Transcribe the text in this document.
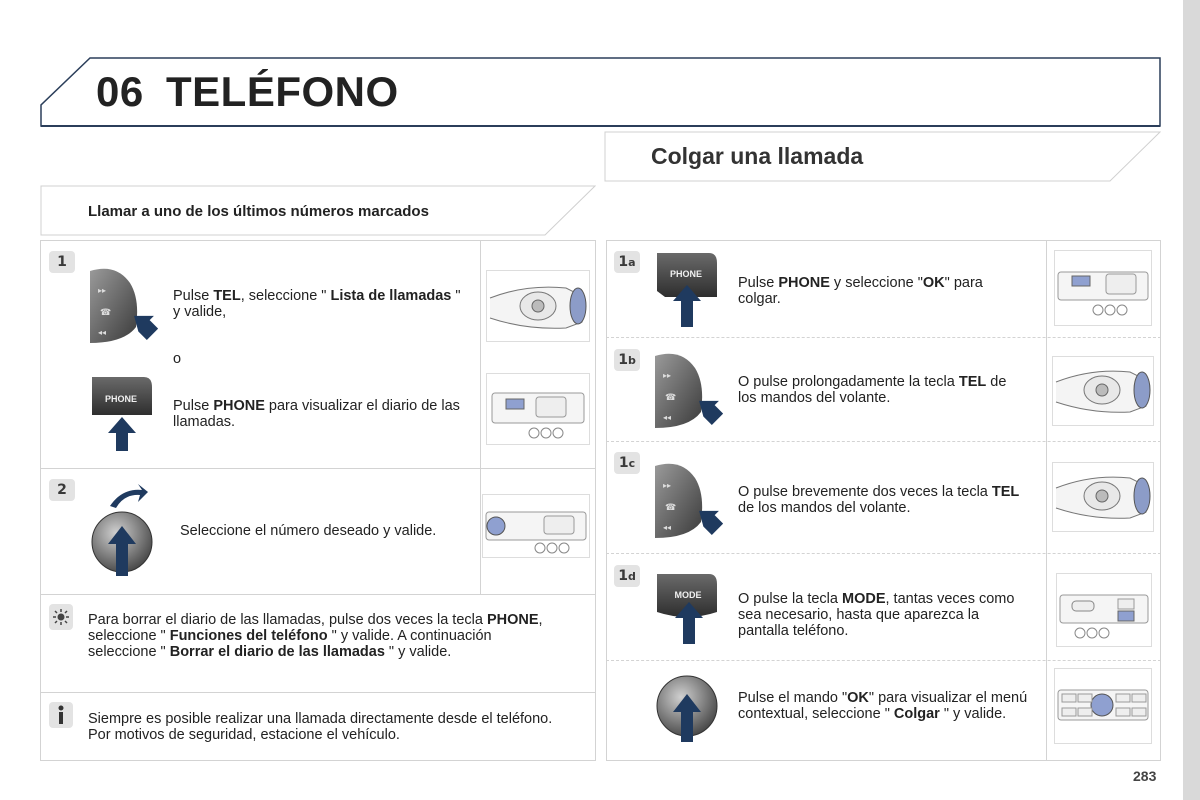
06 TELÉFONO
Colgar una llamada
Llamar a uno de los últimos números marcados
1
▸▸
☎
◂◂
Pulse TEL, seleccione " Lista de llamadas " y valide,
o
PHONE Pulse PHONE para visualizar el diario de las llamadas.
2
Seleccione el número deseado y valide.
Para borrar el diario de las llamadas, pulse dos veces la tecla PHONE, seleccione " Funciones del teléfono " y valide. A continuación seleccione " Borrar el diario de las llamadas " y valide.
Siempre es posible realizar una llamada directamente desde el teléfono. Por motivos de seguridad, estacione el vehículo.
1 a
PHONE
Pulse PHONE y seleccione "OK" para colgar.
1 b
▸▸
☎
◂◂
O pulse prolongadamente la tecla TEL de los mandos del volante.
1 c
▸▸
☎
◂◂
O pulse brevemente dos veces la tecla TEL de los mandos del volante.
1 d
MODE	O pulse la tecla MODE, tantas veces como sea necesario, hasta que aparezca la pantalla teléfono.
Pulse el mando "OK" para visualizar el menú contextual, seleccione " Colgar " y valide.
283
